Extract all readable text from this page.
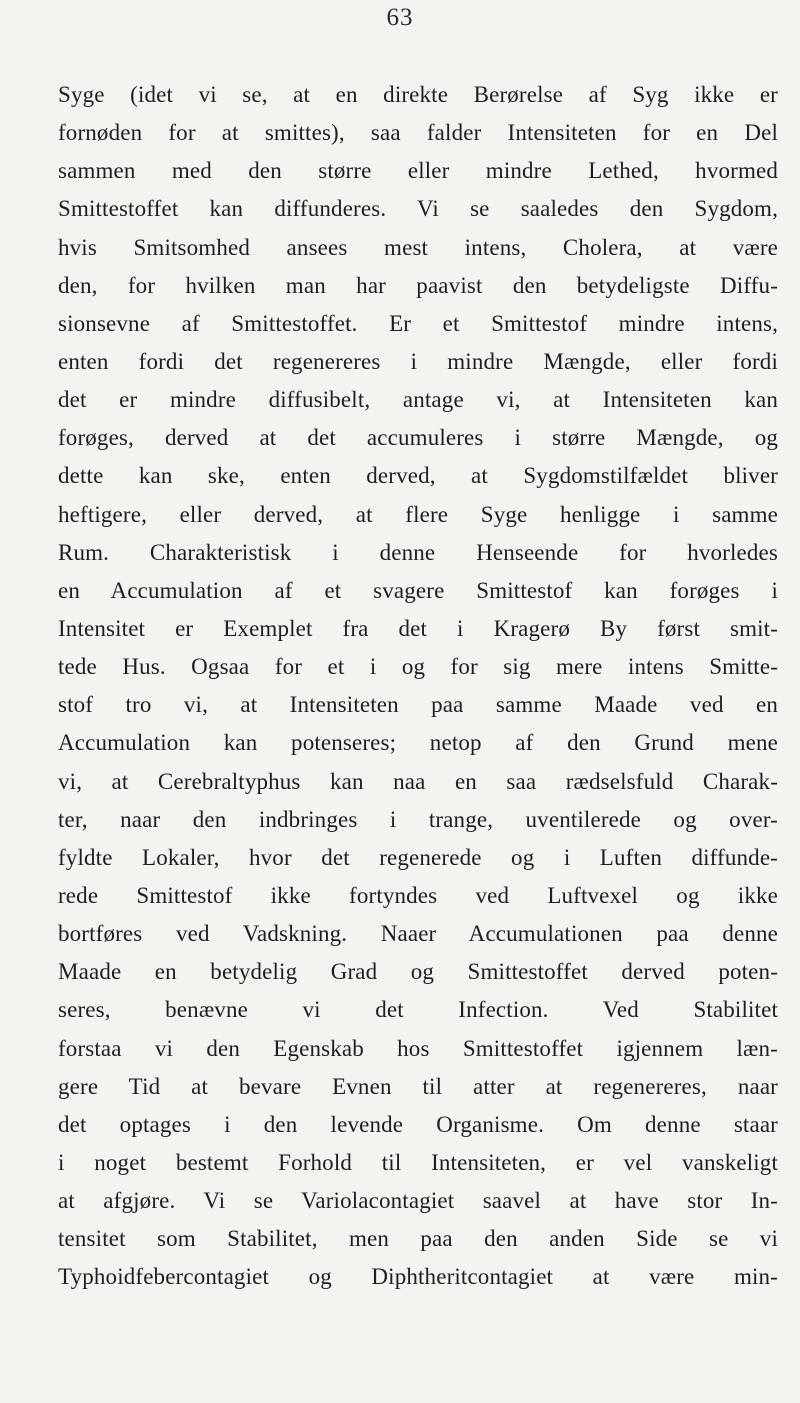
63
Syge (idet vi se, at en direkte Berørelse af Syg ikke er
fornøden for at smittes), saa falder Intensiteten for en Del
sammen med den større eller mindre Lethed, hvormed
Smittestoffet kan diffunderes. Vi se saaledes den Sygdom,
hvis Smitsomhed ansees mest intens, Cholera, at være
den, for hvilken man har paavist den betydeligste Diffu-
sionsevne af Smittestoffet. Er et Smittestof mindre intens,
enten fordi det regenereres i mindre Mængde, eller fordi
det er mindre diffusibelt, antage vi, at Intensiteten kan
forøges, derved at det accumuleres i større Mængde, og
dette kan ske, enten derved, at Sygdomstilfældet bliver
heftigere, eller derved, at flere Syge henligge i samme
Rum. Charakteristisk i denne Henseende for hvorledes
en Accumulation af et svagere Smittestof kan forøges i
Intensitet er Exemplet fra det i Kragerø By først smit-
tede Hus. Ogsaa for et i og for sig mere intens Smitte-
stof tro vi, at Intensiteten paa samme Maade ved en
Accumulation kan potenseres; netop af den Grund mene
vi, at Cerebraltyphus kan naa en saa rædselsfuld Charak-
ter, naar den indbringes i trange, uventilerede og over-
fyldte Lokaler, hvor det regenerede og i Luften diffunde-
rede Smittestof ikke fortyndes ved Luftvexel og ikke
bortføres ved Vadskning. Naaer Accumulationen paa denne
Maade en betydelig Grad og Smittestoffet derved poten-
seres, benævne vi det Infection. Ved Stabilitet
forstaa vi den Egenskab hos Smittestoffet igjennem læn-
gere Tid at bevare Evnen til atter at regenereres, naar
det optages i den levende Organisme. Om denne staar
i noget bestemt Forhold til Intensiteten, er vel vanskeligt
at afgjøre. Vi se Variolacontagiet saavel at have stor In-
tensitet som Stabilitet, men paa den anden Side se vi
Typhoidfebercontagiet og Diphtheritcontagiet at være min-
